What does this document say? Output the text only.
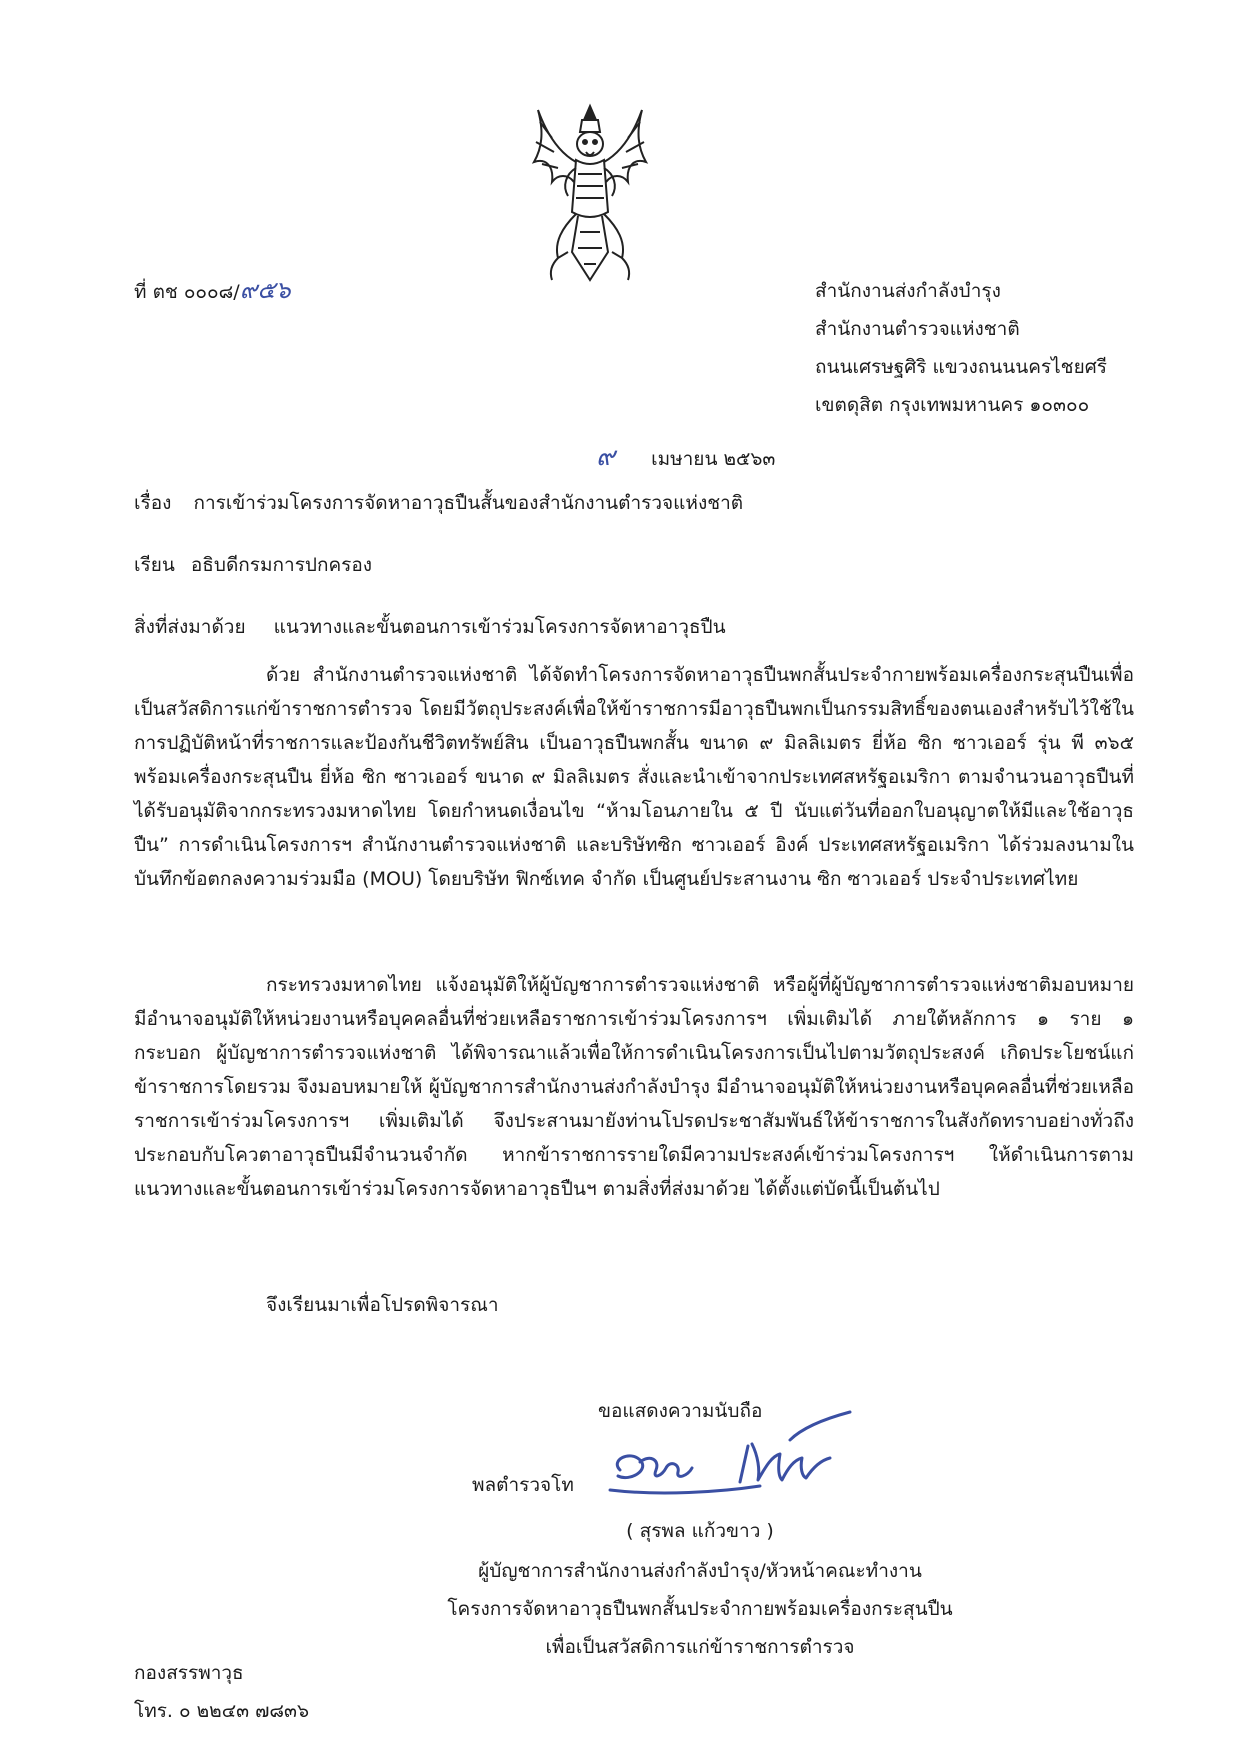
ที่ ตช ๐๐๐๘/๙๕๖	สำนักงานส่งกำลังบำรุง
สำนักงานตำรวจแห่งชาติ
ถนนเศรษฐศิริ แขวงถนนนครไชยศรี
เขตดุสิต กรุงเทพมหานคร ๑๐๓๐๐
๙ เมษายน ๒๕๖๓
เรื่อง การเข้าร่วมโครงการจัดหาอาวุธปืนสั้นของสำนักงานตำรวจแห่งชาติ
เรียน อธิบดีกรมการปกครอง
สิ่งที่ส่งมาด้วย แนวทางและขั้นตอนการเข้าร่วมโครงการจัดหาอาวุธปืน

ด้วย สำนักงานตำรวจแห่งชาติ ได้จัดทำโครงการจัดหาอาวุธปืนพกสั้นประจำกายพร้อมเครื่องกระสุนปืนเพื่อเป็นสวัสดิการแก่ข้าราชการตำรวจ โดยมีวัตถุประสงค์เพื่อให้ข้าราชการมีอาวุธปืนพกเป็นกรรมสิทธิ์ของตนเองสำหรับไว้ใช้ในการปฏิบัติหน้าที่ราชการและป้องกันชีวิตทรัพย์สิน เป็นอาวุธปืนพกสั้น ขนาด ๙ มิลลิเมตร ยี่ห้อ ซิก ซาวเออร์ รุ่น พี ๓๖๕ พร้อมเครื่องกระสุนปืน ยี่ห้อ ซิก ซาวเออร์ ขนาด ๙ มิลลิเมตร สั่งและนำเข้าจากประเทศสหรัฐอเมริกา ตามจำนวนอาวุธปืนที่ได้รับอนุมัติจากกระทรวงมหาดไทย โดยกำหนดเงื่อนไข “ห้ามโอนภายใน ๕ ปี นับแต่วันที่ออกใบอนุญาตให้มีและใช้อาวุธปืน” การดำเนินโครงการฯ สำนักงานตำรวจแห่งชาติ และบริษัทซิก ซาวเออร์ อิงค์ ประเทศสหรัฐอเมริกา ได้ร่วมลงนามในบันทึกข้อตกลงความร่วมมือ (MOU) โดยบริษัท ฟิกซ์เทค จำกัด เป็นศูนย์ประสานงาน ซิก ซาวเออร์ ประจำประเทศไทย

กระทรวงมหาดไทย แจ้งอนุมัติให้ผู้บัญชาการตำรวจแห่งชาติ หรือผู้ที่ผู้บัญชาการตำรวจแห่งชาติมอบหมาย มีอำนาจอนุมัติให้หน่วยงานหรือบุคคลอื่นที่ช่วยเหลือราชการเข้าร่วมโครงการฯ เพิ่มเติมได้ ภายใต้หลักการ ๑ ราย ๑ กระบอก ผู้บัญชาการตำรวจแห่งชาติ ได้พิจารณาแล้วเพื่อให้การดำเนินโครงการเป็นไปตามวัตถุประสงค์ เกิดประโยชน์แก่ข้าราชการโดยรวม จึงมอบหมายให้ ผู้บัญชาการสำนักงานส่งกำลังบำรุง มีอำนาจอนุมัติให้หน่วยงานหรือบุคคลอื่นที่ช่วยเหลือราชการเข้าร่วมโครงการฯ เพิ่มเติมได้ จึงประสานมายังท่านโปรดประชาสัมพันธ์ให้ข้าราชการในสังกัดทราบอย่างทั่วถึง ประกอบกับโควตาอาวุธปืนมีจำนวนจำกัด หากข้าราชการรายใดมีความประสงค์เข้าร่วมโครงการฯ ให้ดำเนินการตามแนวทางและขั้นตอนการเข้าร่วมโครงการจัดหาอาวุธปืนฯ ตามสิ่งที่ส่งมาด้วย ได้ตั้งแต่บัดนี้เป็นต้นไป

จึงเรียนมาเพื่อโปรดพิจารณา
ขอแสดงความนับถือ
พลตำรวจโท
( สุรพล แก้วขาว )
ผู้บัญชาการสำนักงานส่งกำลังบำรุง/หัวหน้าคณะทำงาน
โครงการจัดหาอาวุธปืนพกสั้นประจำกายพร้อมเครื่องกระสุนปืน
เพื่อเป็นสวัสดิการแก่ข้าราชการตำรวจ
กองสรรพาวุธ
โทร. ๐ ๒๒๔๓ ๗๘๓๖
